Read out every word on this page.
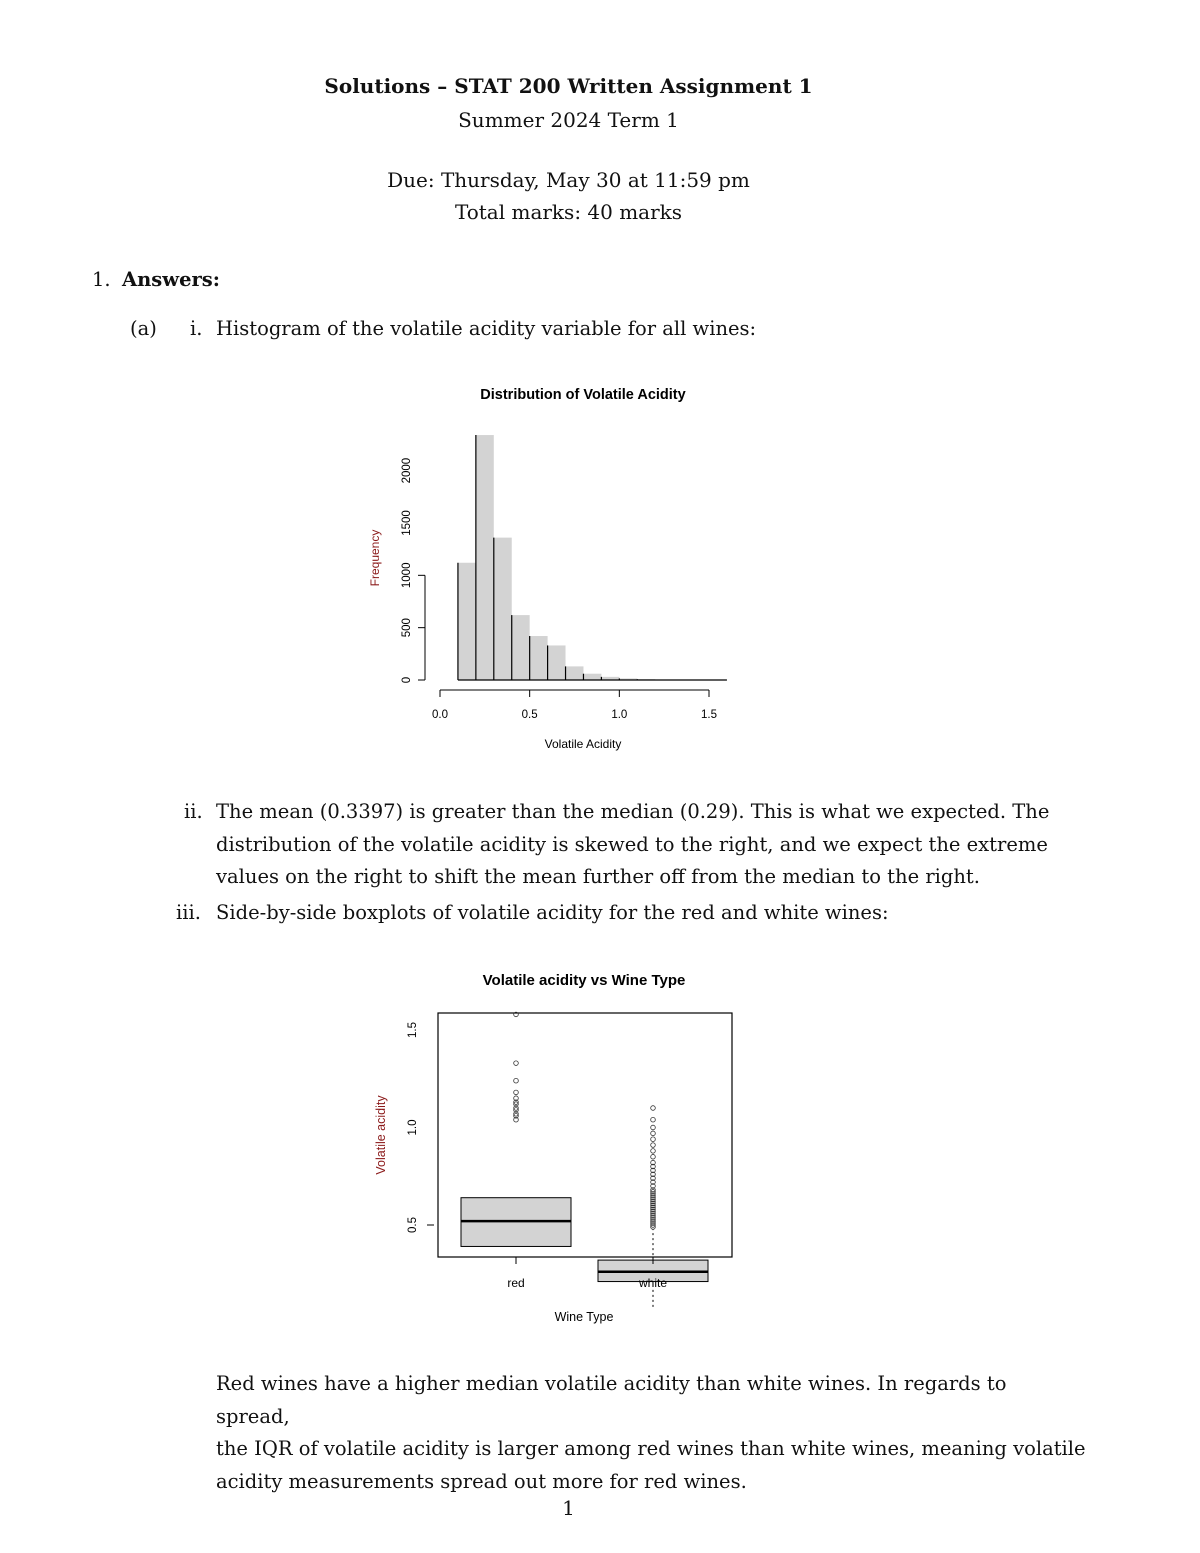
Solutions – STAT 200 Written Assignment 1
Summer 2024 Term 1
Due: Thursday, May 30 at 11:59 pm
Total marks: 40 marks
1. Answers:
(a) i. Histogram of the volatile acidity variable for all wines:
Distribution of Volatile Acidity
0.0	0.5	1.0	1.5
0
500
1000
1500
2000
Volatile Acidity
Frequency
ii. The mean (0.3397) is greater than the median (0.29). This is what we expected. The
distribution of the volatile acidity is skewed to the right, and we expect the extreme
values on the right to shift the mean further off from the median to the right.
iii. Side-by-side boxplots of volatile acidity for the red and white wines:
Volatile acidity vs Wine Type
Volatile acidity
0.5
1.0
1.5
red	white
Wine Type
Red wines have a higher median volatile acidity than white wines. In regards to spread,
the IQR of volatile acidity is larger among red wines than white wines, meaning volatile
acidity measurements spread out more for red wines.
1
